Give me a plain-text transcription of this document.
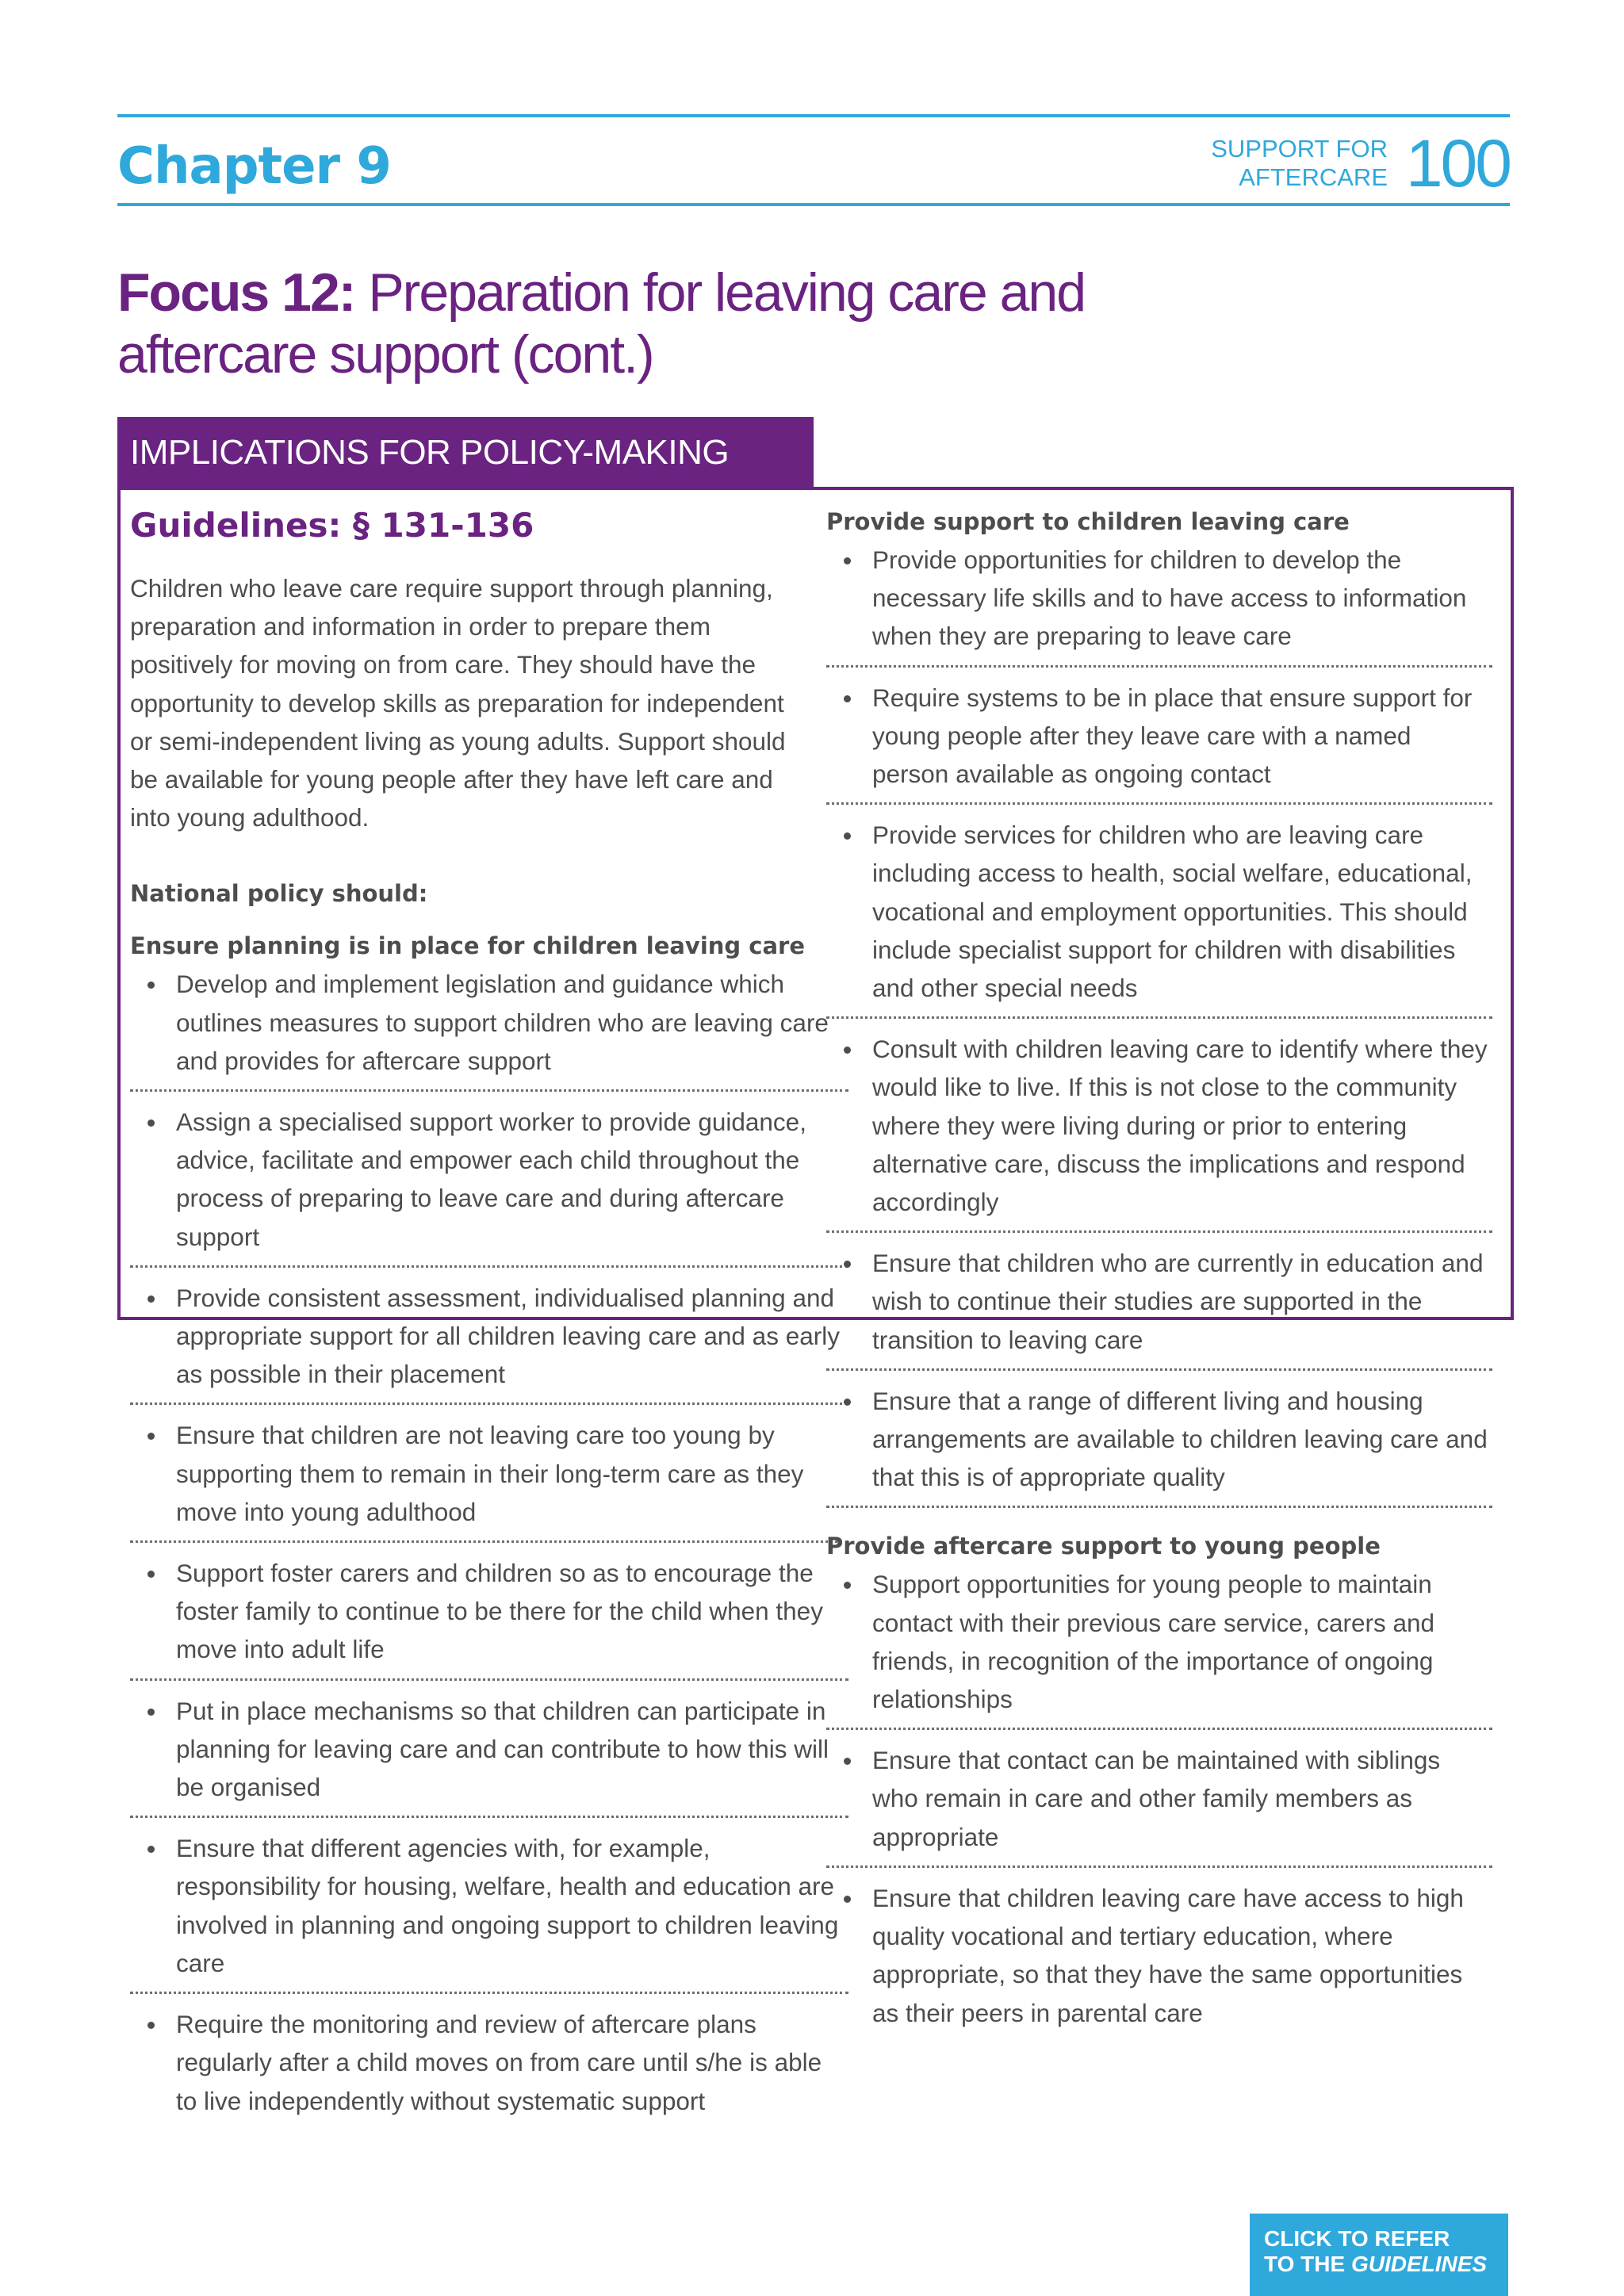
Chapter 9	SUPPORT FOR
AFTERCARE 100
Focus 12: Preparation for leaving care and aftercare support (cont.)
IMPLICATIONS FOR POLICY-MAKING
Guidelines: § 131-136

Children who leave care require support through planning, preparation and information in order to prepare them positively for moving on from care. They should have the opportunity to develop skills as preparation for independent or semi-independent living as young adults. Support should be available for young people after they have left care and into young adulthood.

National policy should:
Ensure planning is in place for children leaving care
Develop and implement legislation and guidance which outlines measures to support children who are leaving care and provides for aftercare support
Assign a specialised support worker to provide guidance, advice, facilitate and empower each child throughout the process of preparing to leave care and during aftercare support
Provide consistent assessment, individualised planning and appropriate support for all children leaving care and as early as possible in their placement
Ensure that children are not leaving care too young by supporting them to remain in their long-term care as they move into young adulthood
Support foster carers and children so as to encourage the foster family to continue to be there for the child when they move into adult life
Put in place mechanisms so that children can participate in planning for leaving care and can contribute to how this will be organised
Ensure that different agencies with, for example, responsibility for housing, welfare, health and education are involved in planning and ongoing support to children leaving care
Require the monitoring and review of aftercare plans regularly after a child moves on from care until s/he is able to live independently without systematic support
Provide support to children leaving care
Provide opportunities for children to develop the necessary life skills and to have access to information when they are preparing to leave care
Require systems to be in place that ensure support for young people after they leave care with a named person available as ongoing contact
Provide services for children who are leaving care including access to health, social welfare, educational, vocational and employment opportunities. This should include specialist support for children with disabilities and other special needs
Consult with children leaving care to identify where they would like to live. If this is not close to the community where they were living during or prior to entering alternative care, discuss the implications and respond accordingly
Ensure that children who are currently in education and wish to continue their studies are supported in the transition to leaving care
Ensure that a range of different living and housing arrangements are available to children leaving care and that this is of appropriate quality
Provide aftercare support to young people
Support opportunities for young people to maintain contact with their previous care service, carers and friends, in recognition of the importance of ongoing relationships
Ensure that contact can be maintained with siblings who remain in care and other family members as appropriate
Ensure that children leaving care have access to high quality vocational and tertiary education, where appropriate, so that they have the same opportunities as their peers in parental care
CLICK TO REFER
TO THE GUIDELINES
